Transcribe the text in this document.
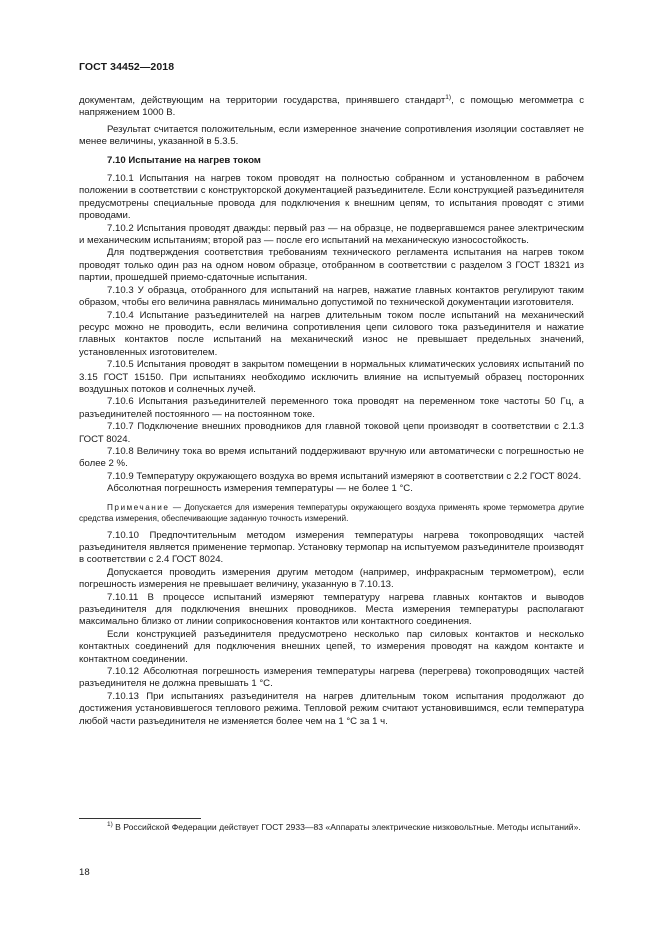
ГОСТ 34452—2018

документам, действующим на территории государства, принявшего стандарт$^{1)}$, с помощью мегомметра с напряжением 1000 В.

Результат считается положительным, если измеренное значение сопротивления изоляции составляет не менее величины, указанной в 5.3.5.

7.10 Испытание на нагрев током

7.10.1 Испытания на нагрев током проводят на полностью собранном и установленном в рабочем положении в соответствии с конструкторской документацией разъединителе. Если конструкцией разъединителя предусмотрены специальные провода для подключения к внешним цепям, то испытания проводят с этими проводами.

7.10.2 Испытания проводят дважды: первый раз — на образце, не подвергавшемся ранее электрическим и механическим испытаниям; второй раз — после его испытаний на механическую износостойкость.

Для подтверждения соответствия требованиям технического регламента испытания на нагрев током проводят только один раз на одном новом образце, отобранном в соответствии с разделом 3 ГОСТ 18321 из партии, прошедшей приемо-сдаточные испытания.

7.10.3 У образца, отобранного для испытаний на нагрев, нажатие главных контактов регулируют таким образом, чтобы его величина равнялась минимально допустимой по технической документации изготовителя.

7.10.4 Испытание разъединителей на нагрев длительным током после испытаний на механический ресурс можно не проводить, если величина сопротивления цепи силового тока разъединителя и нажатие главных контактов после испытаний на механический износ не превышает предельных значений, установленных изготовителем.

7.10.5 Испытания проводят в закрытом помещении в нормальных климатических условиях испытаний по 3.15 ГОСТ 15150. При испытаниях необходимо исключить влияние на испытуемый образец посторонних воздушных потоков и солнечных лучей.

7.10.6 Испытания разъединителей переменного тока проводят на переменном токе частоты 50 Гц, а разъединителей постоянного — на постоянном токе.

7.10.7 Подключение внешних проводников для главной токовой цепи производят в соответствии с 2.1.3 ГОСТ 8024.

7.10.8 Величину тока во время испытаний поддерживают вручную или автоматически с погрешностью не более 2 %.

7.10.9 Температуру окружающего воздуха во время испытаний измеряют в соответствии с 2.2 ГОСТ 8024.

Абсолютная погрешность измерения температуры — не более 1 °С.

Примечание — Допускается для измерения температуры окружающего воздуха применять кроме термометра другие средства измерения, обеспечивающие заданную точность измерений.

7.10.10 Предпочтительным методом измерения температуры нагрева токопроводящих частей разъединителя является применение термопар. Установку термопар на испытуемом разъединителе производят в соответствии с 2.4 ГОСТ 8024.

Допускается проводить измерения другим методом (например, инфракрасным термометром), если погрешность измерения не превышает величину, указанную в 7.10.13.

7.10.11 В процессе испытаний измеряют температуру нагрева главных контактов и выводов разъединителя для подключения внешних проводников. Места измерения температуры располагают максимально близко от линии соприкосновения контактов или контактного соединения.

Если конструкцией разъединителя предусмотрено несколько пар силовых контактов и несколько контактных соединений для подключения внешних цепей, то измерения проводят на каждом контакте и контактном соединении.

7.10.12 Абсолютная погрешность измерения температуры нагрева (перегрева) токопроводящих частей разъединителя не должна превышать 1 °С.

7.10.13 При испытаниях разъединителя на нагрев длительным током испытания продолжают до достижения установившегося теплового режима. Тепловой режим считают установившимся, если температура любой части разъединителя не изменяется более чем на 1 °С за 1 ч.

$^{1)}$ В Российской Федерации действует ГОСТ 2933—83 «Аппараты электрические низковольтные. Методы испытаний».
18
